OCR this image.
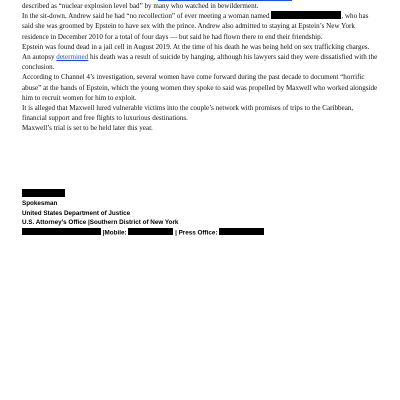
described as “nuclear explosion level bad” by many who watched in bewilderment.

In the sit-down, Andrew said he had “no recollection” of ever meeting a woman named	, who has said she was groomed by Epstein to have sex with the prince. Andrew also admitted to staying at Epstein’s New York residence in December 2010 for a total of four days — but said he had flown there to end their friendship.

Epstein was found dead in a jail cell in August 2019. At the time of his death he was being held on sex trafficking charges. An autopsy determined his death was a result of suicide by hanging, although his lawyers said they were dissatisfied with the conclusion.

According to Channel 4’s investigation, several women have come forward during the past decade to document “horrific abuse” at the hands of Epstein, which the young women they spoke to said was propelled by Maxwell who worked alongside him to recruit women for him to exploit.

It is alleged that Maxwell lured vulnerable victims into the couple’s network with promises of trips to the Caribbean, financial support and free flights to luxurious destinations.

Maxwell’s trial is set to be held later this year.

Spokesman
United States Department of Justice
U.S. Attorney’s Office |Southern District of New York
|Mobile:	| Press Office:
